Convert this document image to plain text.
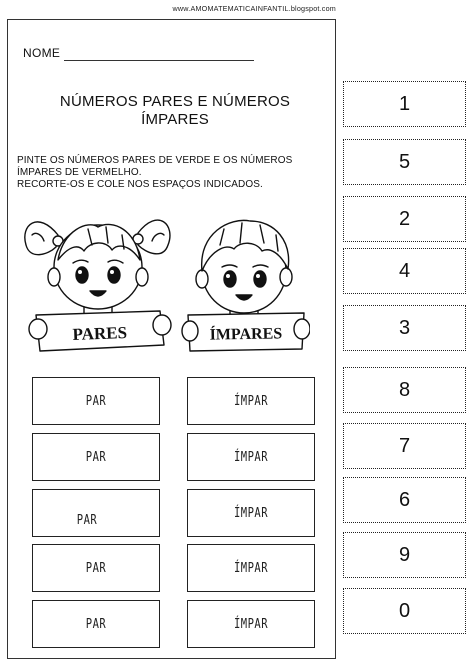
www.AMOMATEMATICAINFANTIL.blogspot.com
NOME
NÚMEROS PARES E NÚMEROS ÍMPARES
PINTE OS NÚMEROS PARES DE VERDE E OS NÚMEROS
ÍMPARES DE VERMELHO.
RECORTE-OS E COLE NOS ESPAÇOS INDICADOS.
PARES	ÍMPARES
PAR
PAR
PAR
PAR
PAR
ÍMPAR
ÍMPAR
ÍMPAR
ÍMPAR
ÍMPAR
1
5
2
4
3
8
7
6
9
0
